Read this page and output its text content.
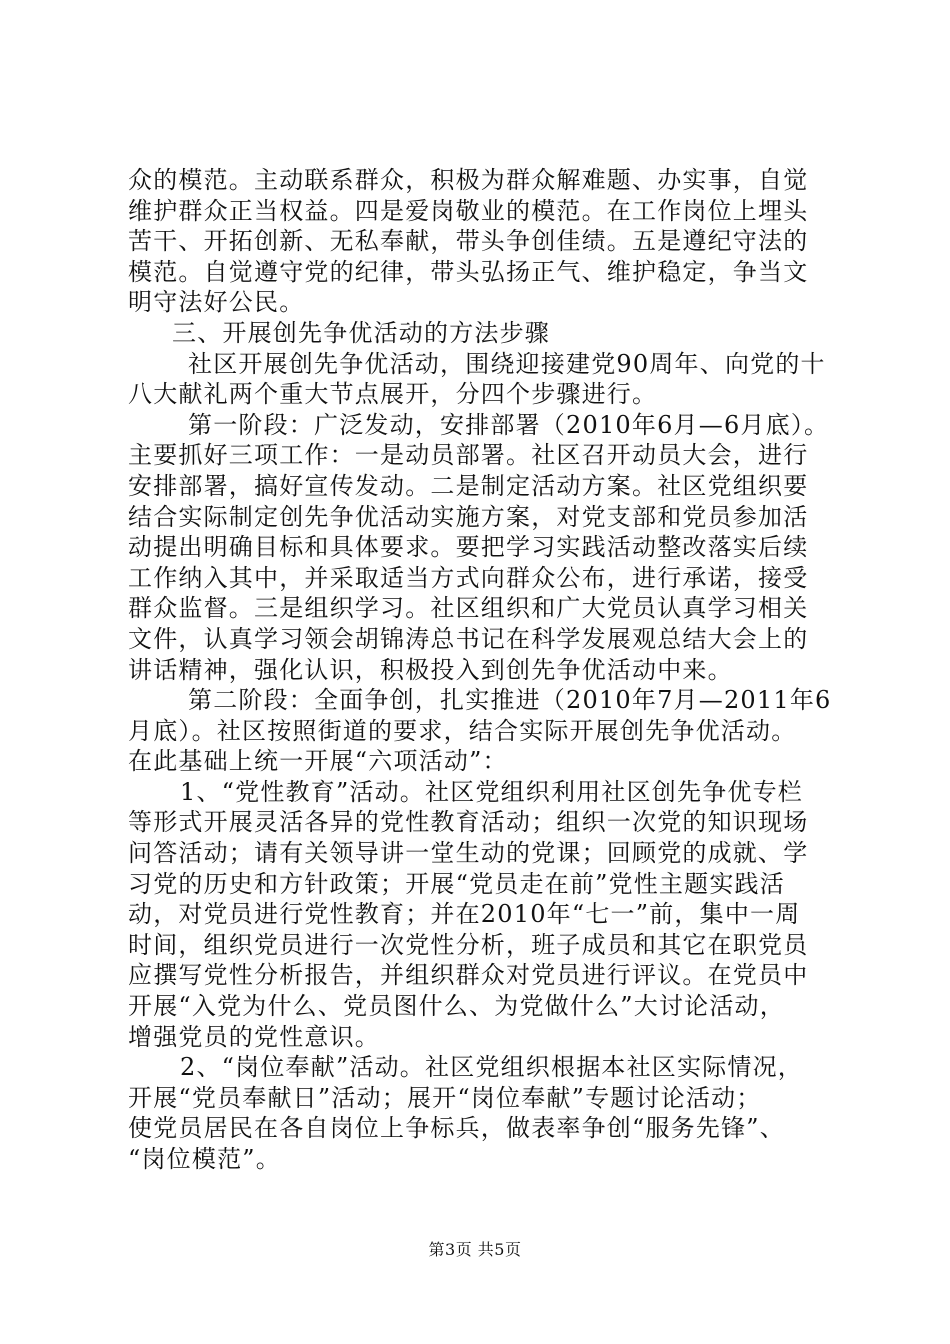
众的模范。主动联系群众，积极为群众解难题、办实事，自觉
维护群众正当权益。四是爱岗敬业的模范。在工作岗位上埋头
苦干、开拓创新、无私奉献，带头争创佳绩。五是遵纪守法的
模范。自觉遵守党的纪律，带头弘扬正气、维护稳定，争当文
明守法好公民。
三、开展创先争优活动的方法步骤
社区开展创先争优活动，围绕迎接建党90周年、向党的十
八大献礼两个重大节点展开，分四个步骤进行。
第一阶段：广泛发动，安排部署（2010年6月—6月底）。
主要抓好三项工作：一是动员部署。社区召开动员大会，进行
安排部署，搞好宣传发动。二是制定活动方案。社区党组织要
结合实际制定创先争优活动实施方案，对党支部和党员参加活
动提出明确目标和具体要求。要把学习实践活动整改落实后续
工作纳入其中，并采取适当方式向群众公布，进行承诺，接受
群众监督。三是组织学习。社区组织和广大党员认真学习相关
文件，认真学习领会胡锦涛总书记在科学发展观总结大会上的
讲话精神，强化认识，积极投入到创先争优活动中来。
第二阶段：全面争创，扎实推进（2010年7月—2011年6
月底）。社区按照街道的要求，结合实际开展创先争优活动。
在此基础上统一开展“六项活动”：
1、“党性教育”活动。社区党组织利用社区创先争优专栏
等形式开展灵活各异的党性教育活动；组织一次党的知识现场
问答活动；请有关领导讲一堂生动的党课；回顾党的成就、学
习党的历史和方针政策；开展“党员走在前”党性主题实践活
动，对党员进行党性教育；并在2010年“七一”前，集中一周
时间，组织党员进行一次党性分析，班子成员和其它在职党员
应撰写党性分析报告，并组织群众对党员进行评议。在党员中
开展“入党为什么、党员图什么、为党做什么”大讨论活动，
增强党员的党性意识。
2、“岗位奉献”活动。社区党组织根据本社区实际情况，
开展“党员奉献日”活动；展开“岗位奉献”专题讨论活动；
使党员居民在各自岗位上争标兵，做表率争创“服务先锋”、
“岗位模范”。
第3页 共5页
